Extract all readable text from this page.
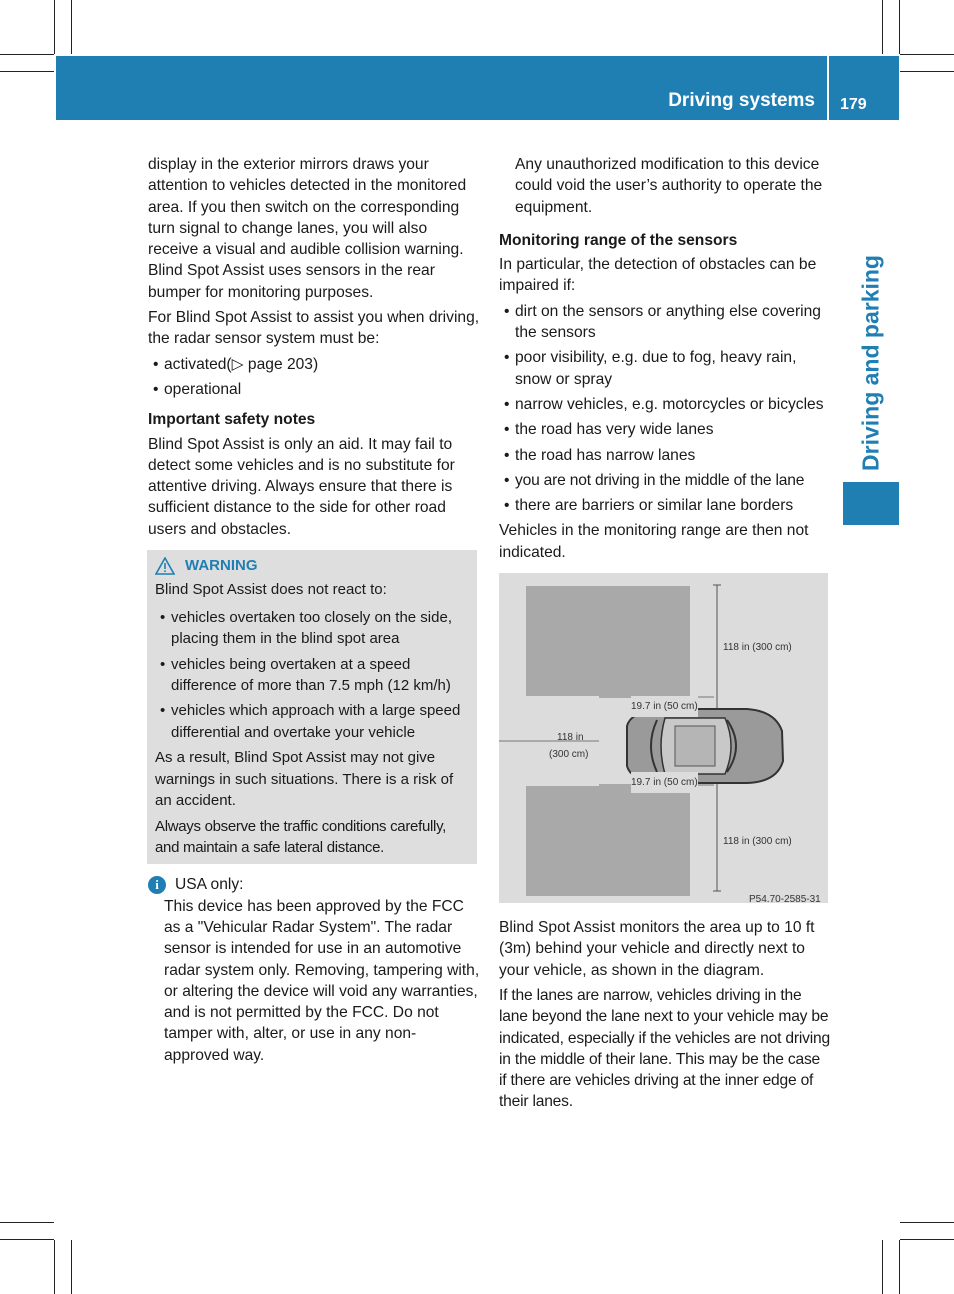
Driving systems 179
Driving and parking

display in the exterior mirrors draws your attention to vehicles detected in the monitored area. If you then switch on the corresponding turn signal to change lanes, you will also receive a visual and audible collision warning. Blind Spot Assist uses sensors in the rear bumper for monitoring purposes.

For Blind Spot Assist to assist you when driving, the radar sensor system must be:

• activated(▷ page 203)
• operational
Important safety notes

Blind Spot Assist is only an aid. It may fail to detect some vehicles and is no substitute for attentive driving. Always ensure that there is sufficient distance to the side for other road users and obstacles.

WARNING
Blind Spot Assist does not react to:
• vehicles overtaken too closely on the side, placing them in the blind spot area
• vehicles being overtaken at a speed difference of more than 7.5 mph (12 km/h)
• vehicles which approach with a large speed differential and overtake your vehicle
As a result, Blind Spot Assist may not give warnings in such situations. There is a risk of an accident.
Always observe the traffic conditions carefully, and maintain a safe lateral distance.
i	USA only:

This device has been approved by the FCC as a "Vehicular Radar System". The radar sensor is intended for use in an automotive radar system only. Removing, tampering with, or altering the device will void any warranties, and is not permitted by the FCC. Do not tamper with, alter, or use in any non-approved way.

Any unauthorized modification to this device could void the user’s authority to operate the equipment.

Monitoring range of the sensors

In particular, the detection of obstacles can be impaired if:

• dirt on the sensors or anything else covering the sensors
• poor visibility, e.g. due to fog, heavy rain, snow or spray
• narrow vehicles, e.g. motorcycles or bicycles
• the road has very wide lanes
• the road has narrow lanes
• you are not driving in the middle of the lane
• there are barriers or similar lane borders

Vehicles in the monitoring range are then not indicated.

118 in (300 cm)
19.7 in (50 cm)
118 in
(300 cm)
19.7 in (50 cm)
118 in (300 cm)
P54.70-2585-31

Blind Spot Assist monitors the area up to 10 ft (3m) behind your vehicle and directly next to your vehicle, as shown in the diagram.

If the lanes are narrow, vehicles driving in the lane beyond the lane next to your vehicle may be indicated, especially if the vehicles are not driving in the middle of their lane. This may be the case if there are vehicles driving at the inner edge of their lanes.
